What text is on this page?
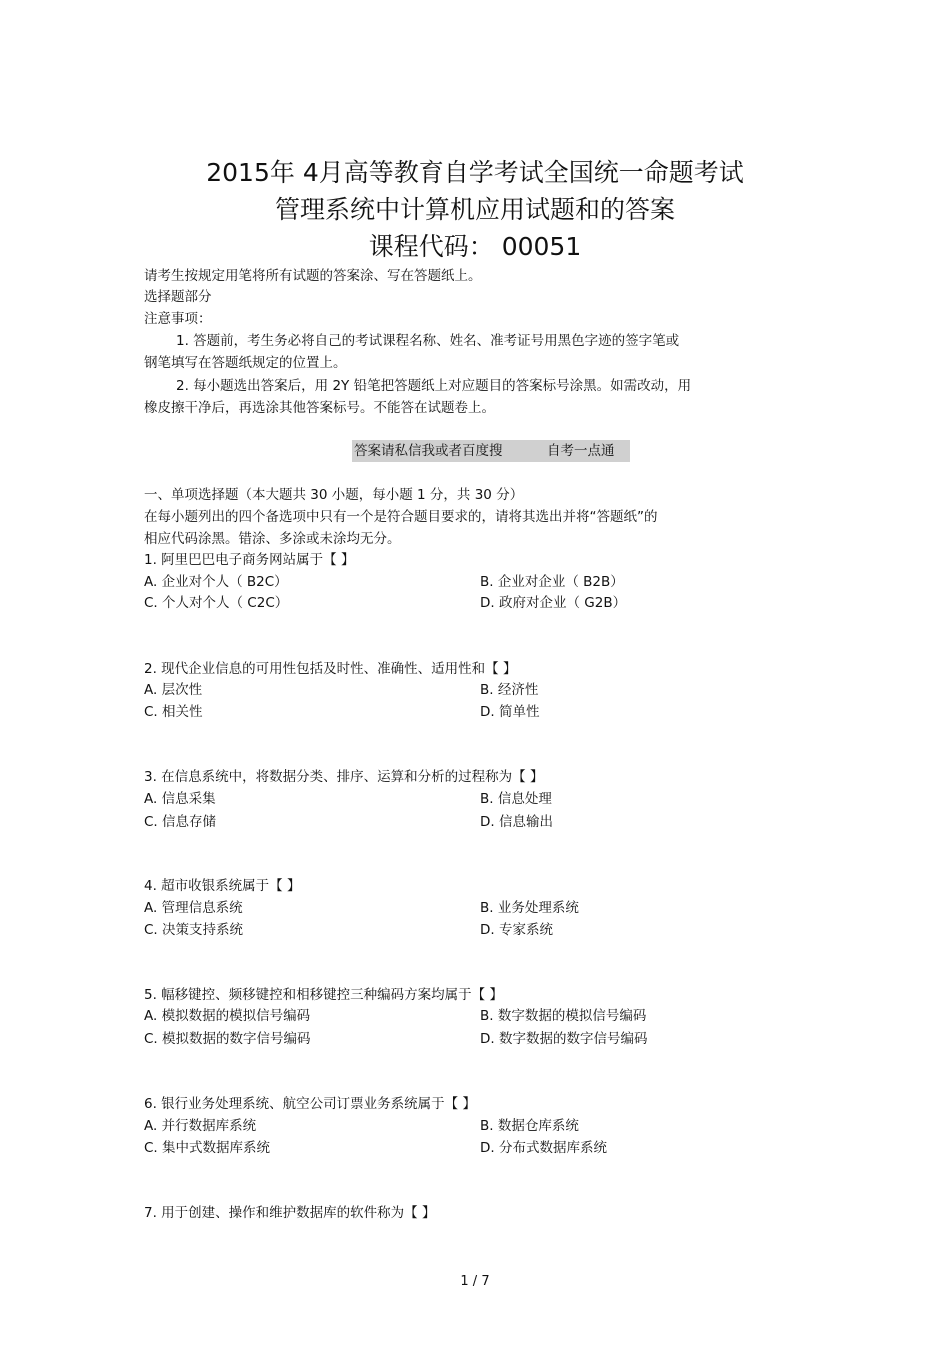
2015年 4月高等教育自学考试全国统一命题考试
管理系统中计算机应用试题和的答案
课程代码： 00051
请考生按规定用笔将所有试题的答案涂、写在答题纸上。
选择题部分
注意事项：
1. 答题前，考生务必将自己的考试课程名称、姓名、准考证号用黑色字迹的签字笔或
钢笔填写在答题纸规定的位置上。
2. 每小题选出答案后，用 2Y 铅笔把答题纸上对应题目的答案标号涂黑。如需改动，用
橡皮擦干净后，再选涂其他答案标号。不能答在试题卷上。
答案请私信我或者百度搜	自考一点通
一、单项选择题（本大题共 30 小题，每小题 1 分，共 30 分）
在每小题列出的四个备选项中只有一个是符合题目要求的，请将其选出并将“答题纸”的
相应代码涂黑。错涂、多涂或未涂均无分。
1. 阿里巴巴电子商务网站属于【 】
A. 企业对个人（ B2C）	B. 企业对企业（ B2B）
C. 个人对个人（ C2C）	D. 政府对企业（ G2B）
2. 现代企业信息的可用性包括及时性、准确性、适用性和【 】
A. 层次性	B. 经济性
C. 相关性	D. 简单性
3. 在信息系统中，将数据分类、排序、运算和分析的过程称为【 】
A. 信息采集	B. 信息处理
C. 信息存储	D. 信息输出
4. 超市收银系统属于【 】
A. 管理信息系统	B. 业务处理系统
C. 决策支持系统	D. 专家系统
5. 幅移键控、频移键控和相移键控三种编码方案均属于【 】
A. 模拟数据的模拟信号编码	B. 数字数据的模拟信号编码
C. 模拟数据的数字信号编码	D. 数字数据的数字信号编码
6. 银行业务处理系统、航空公司订票业务系统属于【 】
A. 并行数据库系统	B. 数据仓库系统
C. 集中式数据库系统	D. 分布式数据库系统
7. 用于创建、操作和维护数据库的软件称为【 】
1 / 7
